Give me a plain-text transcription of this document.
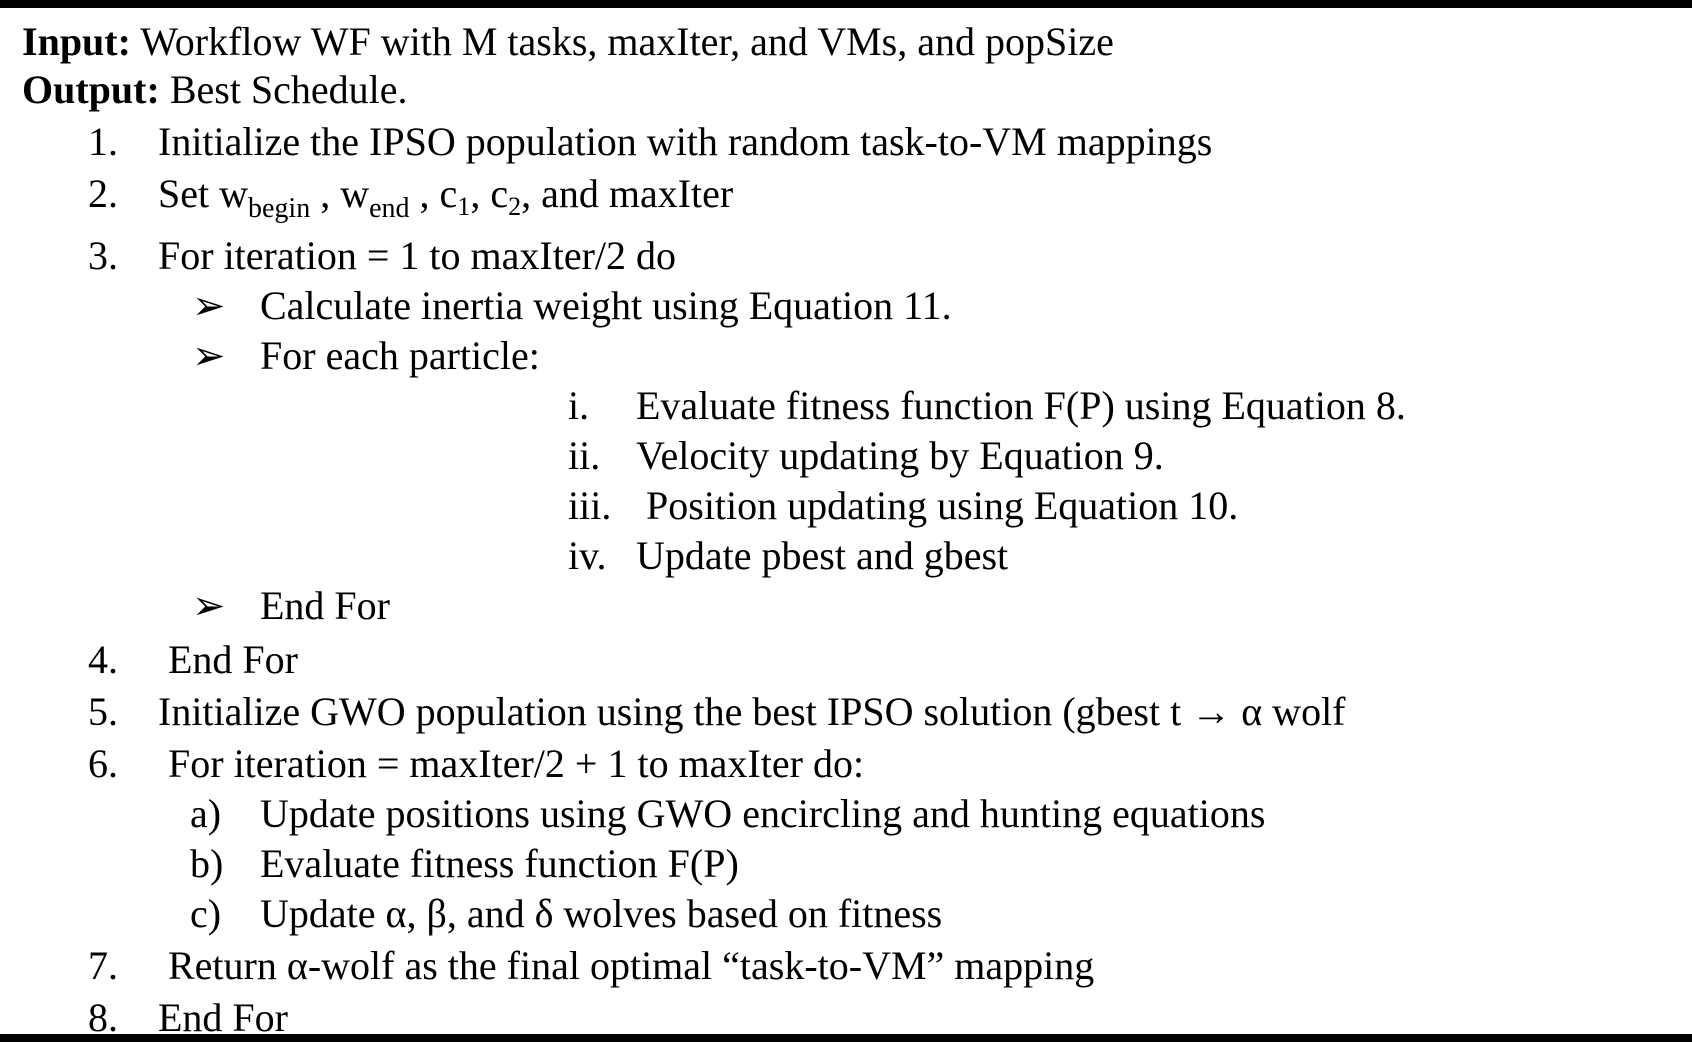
Input: Workflow WF with M tasks, maxIter, and VMs, and popSize
Output: Best Schedule.
1. Initialize the IPSO population with random task-to-VM mappings
2. Set $w_{begin}$ , $w_{end}$ , $c_1$, $c_2$, and maxIter
3. For iteration = 1 to maxIter/2 do
➢ Calculate inertia weight using Equation 11.
➢ For each particle:
i. Evaluate fitness function F(P) using Equation 8.
ii. Velocity updating by Equation 9.
iii. Position updating using Equation 10.
iv. Update pbest and gbest
➢ End For
4. End For
5. Initialize GWO population using the best IPSO solution (gbest t → α wolf
6. For iteration = maxIter/2 + 1 to maxIter do:
a) Update positions using GWO encircling and hunting equations
b) Evaluate fitness function F(P)
c) Update α, β, and δ wolves based on fitness
7. Return α-wolf as the final optimal “task-to-VM” mapping
8. End For
